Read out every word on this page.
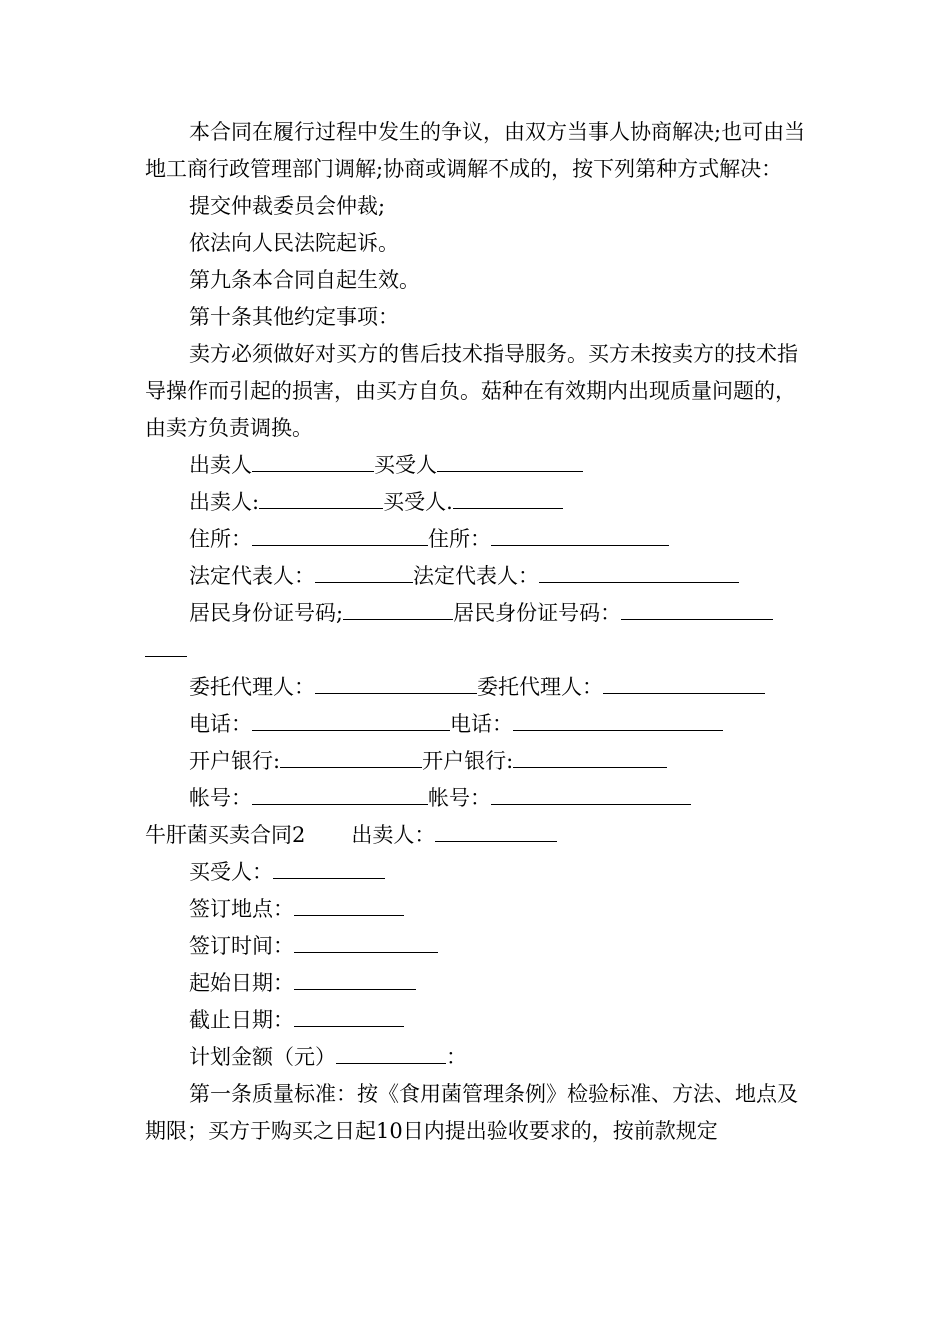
本合同在履行过程中发生的争议，由双方当事人协商解决;也可由当地工商行政管理部门调解;协商或调解不成的，按下列第种方式解决：

提交仲裁委员会仲裁;
依法向人民法院起诉。
第九条本合同自起生效。
第十条其他约定事项：

卖方必须做好对买方的售后技术指导服务。买方未按卖方的技术指导操作而引起的损害，由买方自负。菇种在有效期内出现质量问题的，由卖方负责调换。

出卖人	买受人
出卖人:	买受人.
住所：	住所：
法定代表人：	法定代表人：
居民身份证号码;	居民身份证号码：
委托代理人：	委托代理人：
电话：	电话：
开户银行:	开户银行:
帐号：	帐号：
牛肝菌买卖合同2 出卖人：
买受人：
签订地点：
签订时间：
起始日期：
截止日期：
计划金额（元）	：

第一条质量标准：按《食用菌管理条例》检验标准、方法、地点及期限；买方于购买之日起10日内提出验收要求的，按前款规定
